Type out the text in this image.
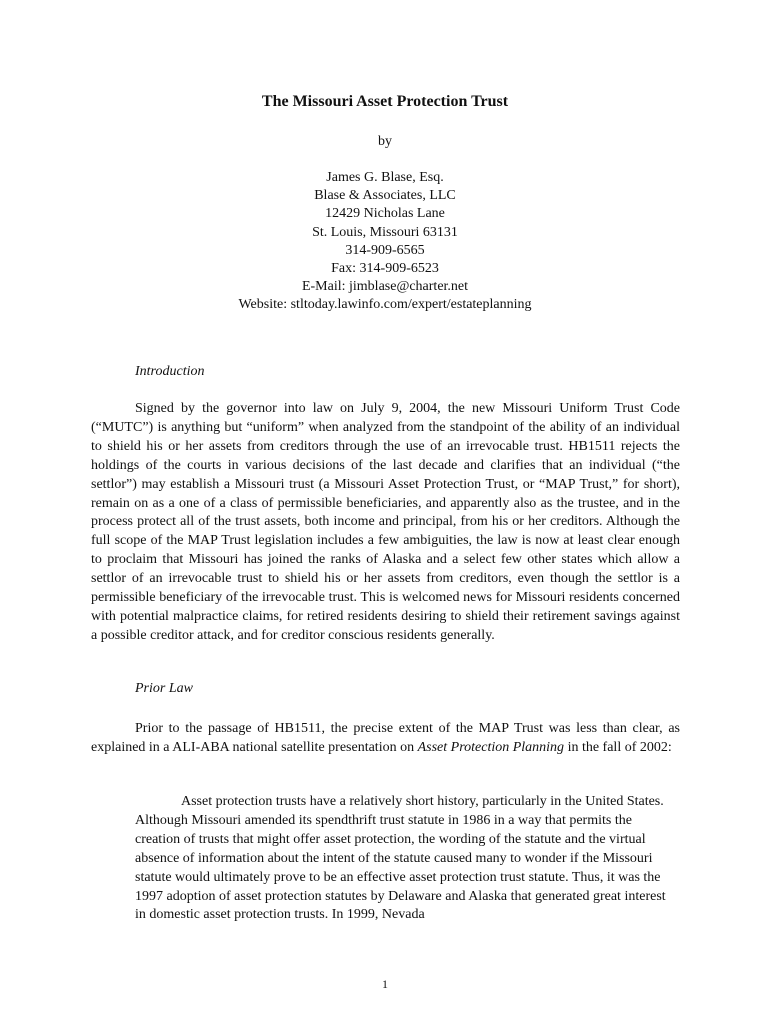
The Missouri Asset Protection Trust
by
James G. Blase, Esq.
Blase & Associates, LLC
12429 Nicholas Lane
St. Louis, Missouri 63131
314-909-6565
Fax: 314-909-6523
E-Mail: jimblase@charter.net
Website: stltoday.lawinfo.com/expert/estateplanning
Introduction
Signed by the governor into law on July 9, 2004, the new Missouri Uniform Trust Code (“MUTC”) is anything but “uniform” when analyzed from the standpoint of the ability of an individual to shield his or her assets from creditors through the use of an irrevocable trust. HB1511 rejects the holdings of the courts in various decisions of the last decade and clarifies that an individual (“the settlor”) may establish a Missouri trust (a Missouri Asset Protection Trust, or “MAP Trust,” for short), remain on as a one of a class of permissible beneficiaries, and apparently also as the trustee, and in the process protect all of the trust assets, both income and principal, from his or her creditors. Although the full scope of the MAP Trust legislation includes a few ambiguities, the law is now at least clear enough to proclaim that Missouri has joined the ranks of Alaska and a select few other states which allow a settlor of an irrevocable trust to shield his or her assets from creditors, even though the settlor is a permissible beneficiary of the irrevocable trust. This is welcomed news for Missouri residents concerned with potential malpractice claims, for retired residents desiring to shield their retirement savings against a possible creditor attack, and for creditor conscious residents generally.
Prior Law
Prior to the passage of HB1511, the precise extent of the MAP Trust was less than clear, as explained in a ALI-ABA national satellite presentation on Asset Protection Planning in the fall of 2002:
Asset protection trusts have a relatively short history, particularly in the United States. Although Missouri amended its spendthrift trust statute in 1986 in a way that permits the creation of trusts that might offer asset protection, the wording of the statute and the virtual absence of information about the intent of the statute caused many to wonder if the Missouri statute would ultimately prove to be an effective asset protection trust statute. Thus, it was the 1997 adoption of asset protection statutes by Delaware and Alaska that generated great interest in domestic asset protection trusts. In 1999, Nevada
1
